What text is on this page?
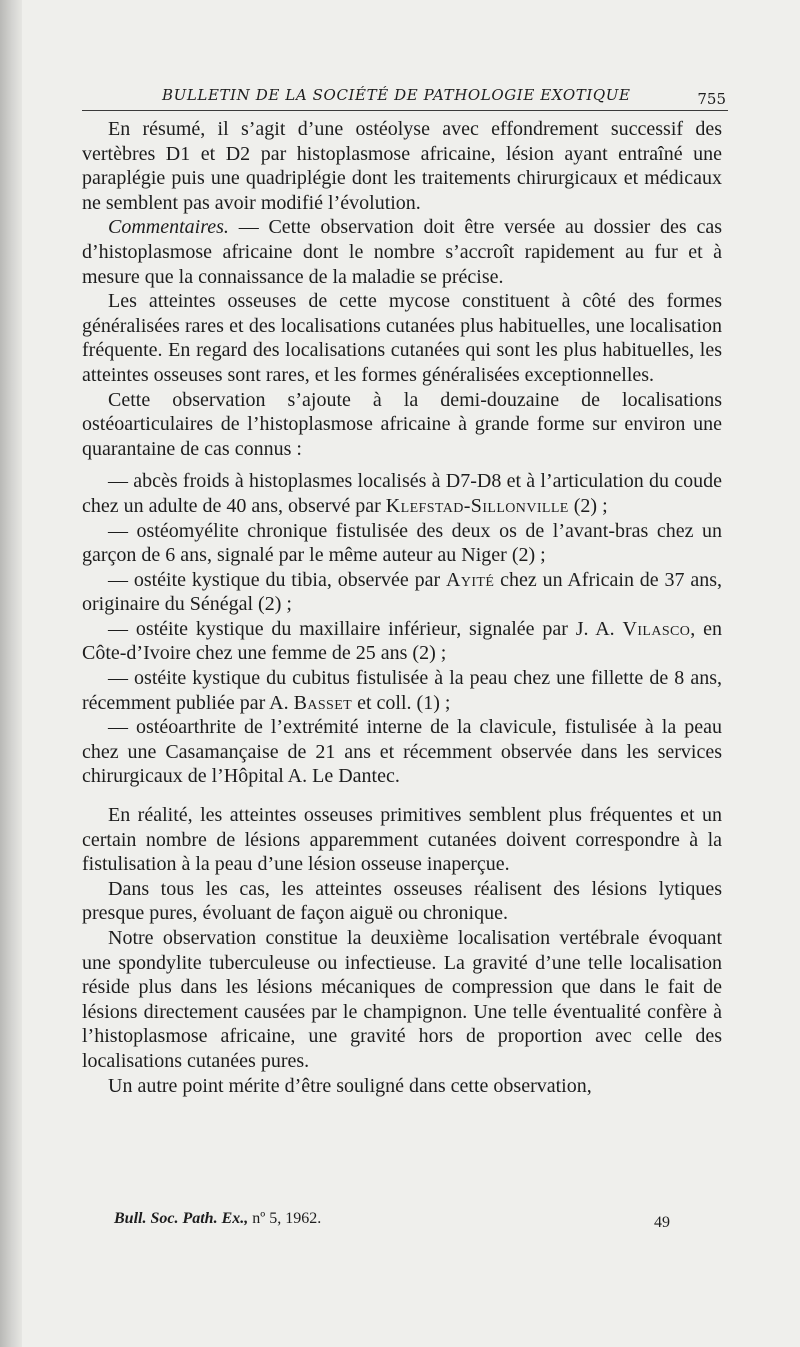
BULLETIN DE LA SOCIÉTÉ DE PATHOLOGIE EXOTIQUE	755

En résumé, il s’agit d’une ostéolyse avec effondrement successif des vertèbres D1 et D2 par histoplasmose africaine, lésion ayant entraîné une paraplégie puis une quadriplégie dont les traitements chirurgicaux et médicaux ne semblent pas avoir modifié l’évolution.

Commentaires. — Cette observation doit être versée au dossier des cas d’histoplasmose africaine dont le nombre s’accroît rapidement au fur et à mesure que la connaissance de la maladie se précise.

Les atteintes osseuses de cette mycose constituent à côté des formes généralisées rares et des localisations cutanées plus habituelles, une localisation fréquente. En regard des localisations cutanées qui sont les plus habituelles, les atteintes osseuses sont rares, et les formes généralisées exceptionnelles.

Cette observation s’ajoute à la demi-douzaine de localisations ostéoarticulaires de l’histoplasmose africaine à grande forme sur environ une quarantaine de cas connus :

— abcès froids à histoplasmes localisés à D7-D8 et à l’articulation du coude chez un adulte de 40 ans, observé par Klefstad-Sillonville (2) ;

— ostéomyélite chronique fistulisée des deux os de l’avant-bras chez un garçon de 6 ans, signalé par le même auteur au Niger (2) ;

— ostéite kystique du tibia, observée par Ayité chez un Africain de 37 ans, originaire du Sénégal (2) ;

— ostéite kystique du maxillaire inférieur, signalée par J. A. Vilasco, en Côte-d’Ivoire chez une femme de 25 ans (2) ;

— ostéite kystique du cubitus fistulisée à la peau chez une fillette de 8 ans, récemment publiée par A. Basset et coll. (1) ;

— ostéoarthrite de l’extrémité interne de la clavicule, fistulisée à la peau chez une Casamançaise de 21 ans et récemment observée dans les services chirurgicaux de l’Hôpital A. Le Dantec.

En réalité, les atteintes osseuses primitives semblent plus fréquentes et un certain nombre de lésions apparemment cutanées doivent correspondre à la fistulisation à la peau d’une lésion osseuse inaperçue.

Dans tous les cas, les atteintes osseuses réalisent des lésions lytiques presque pures, évoluant de façon aiguë ou chronique.

Notre observation constitue la deuxième localisation vertébrale évoquant une spondylite tuberculeuse ou infectieuse. La gravité d’une telle localisation réside plus dans les lésions mécaniques de compression que dans le fait de lésions directement causées par le champignon. Une telle éventualité confère à l’histoplasmose africaine, une gravité hors de proportion avec celle des localisations cutanées pures.

Un autre point mérite d’être souligné dans cette observation,

Bull. Soc. Path. Ex., nº 5, 1962.	49
